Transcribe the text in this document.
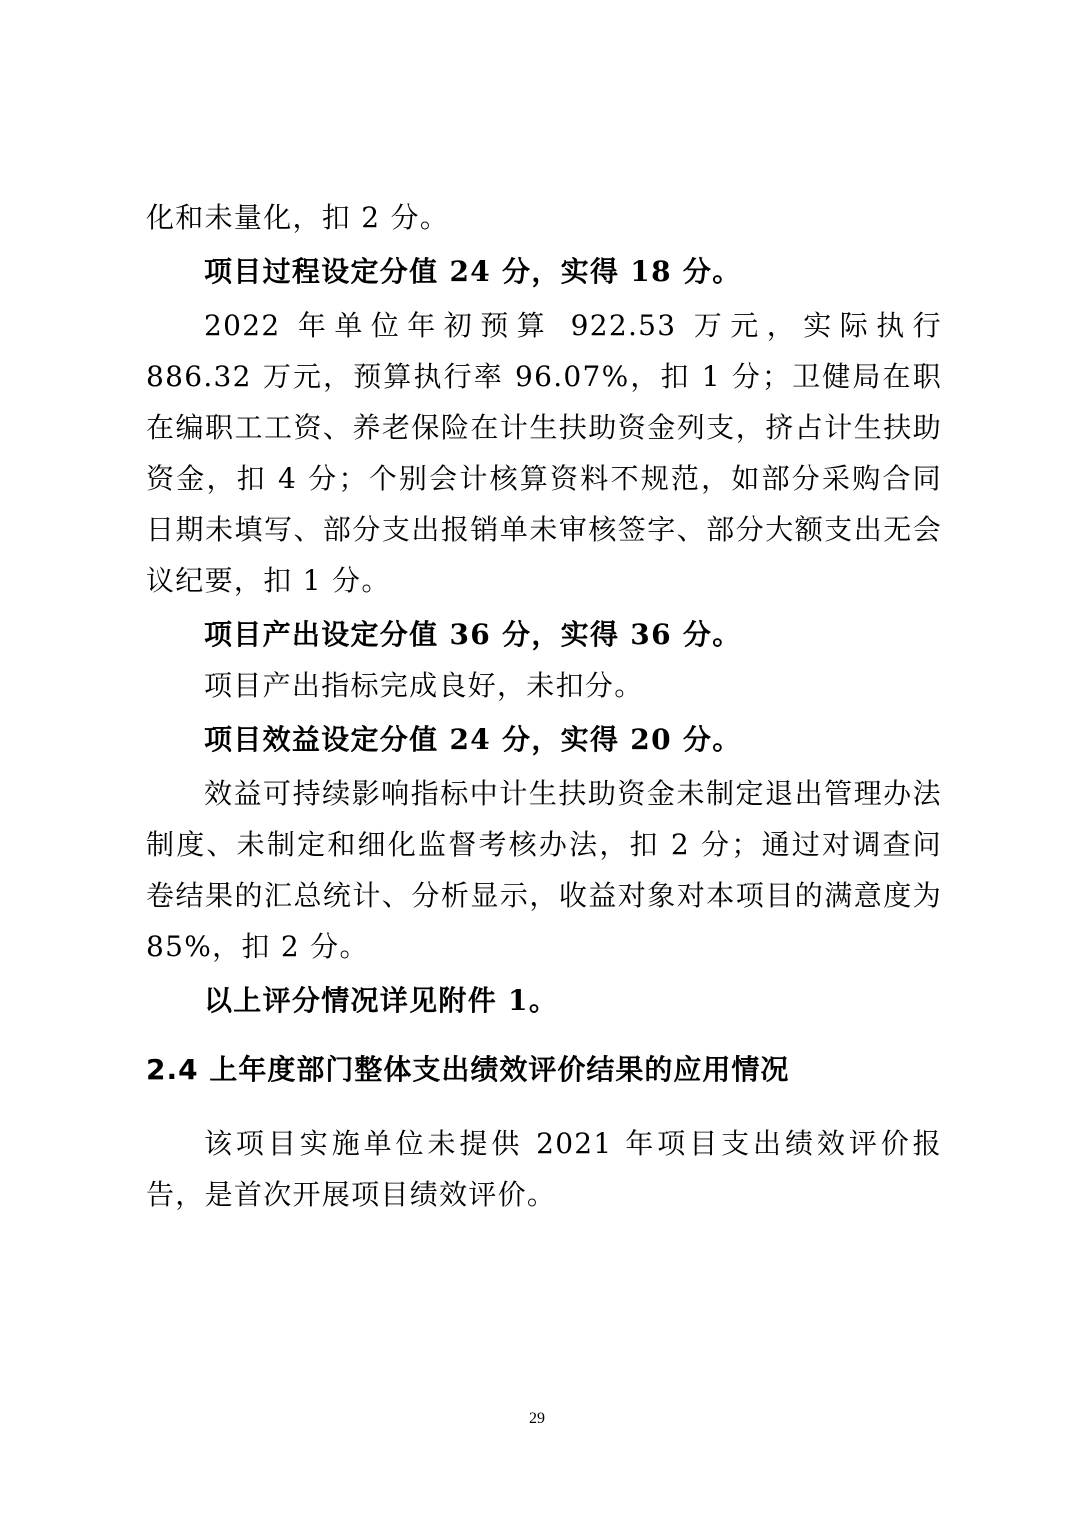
化和未量化，扣 2 分。

项目过程设定分值 24 分，实得 18 分。

2022 年单位年初预算 922.53 万元，实际执行 886.32 万元，预算执行率 96.07%，扣 1 分；卫健局在职在编职工工资、养老保险在计生扶助资金列支，挤占计生扶助资金，扣 4 分；个别会计核算资料不规范，如部分采购合同日期未填写、部分支出报销单未审核签字、部分大额支出无会议纪要，扣 1 分。

项目产出设定分值 36 分，实得 36 分。

项目产出指标完成良好，未扣分。

项目效益设定分值 24 分，实得 20 分。

效益可持续影响指标中计生扶助资金未制定退出管理办法制度、未制定和细化监督考核办法，扣 2 分；通过对调查问卷结果的汇总统计、分析显示，收益对象对本项目的满意度为 85%，扣 2 分。

以上评分情况详见附件 1。

2.4 上年度部门整体支出绩效评价结果的应用情况

该项目实施单位未提供 2021 年项目支出绩效评价报告，是首次开展项目绩效评价。

29
